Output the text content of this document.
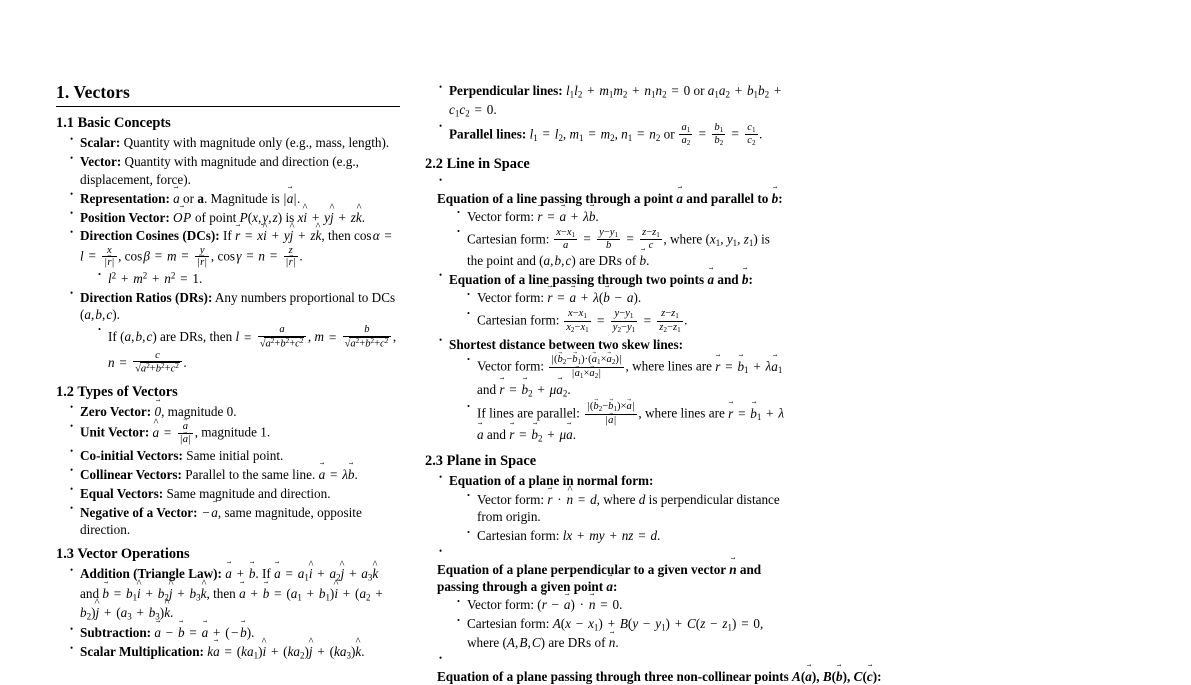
1. Vectors
1.1 Basic Concepts
• Scalar: Quantity with magnitude only (e.g., mass, length).
• Vector: Quantity with magnitude and direction (e.g., displacement, force).
• Representation: a → or a. Magnitude is |a →|.
• Position Vector: OP → of point P(x, y, z) is xi ^ + yj ^ + zk ^.
• Direction Cosines (DCs): If r → = xi ^ + yj ^ + zk ^, then cos $\alpha = l = \frac{x}{|r \to|}$ , cos $\beta = m = \frac{y}{|r \to|}$ , cos $\gamma = n = \frac{z}{|r \to|}$ .
• $l^2 + m^2 + n^2 = 1$.
• Direction Ratios (DRs): Any numbers proportional to DCs (a, b, c).
• If (a, b, c) are DRs, then $l = \frac{a}{√a^2+b^2+c^2}$ , $m = \frac{b}{√a^2+b^2+c^2}$ , $n = \frac{c}{√a^2+b^2+c^2}$ .
1.2 Types of Vectors
• Zero Vector: 0 →, magnitude 0.
• Unit Vector: a ^ = $\frac{a \to}{|a \to|}$ , magnitude 1.
• Co-initial Vectors: Same initial point.
• Collinear Vectors: Parallel to the same line. a → = λb →.
• Equal Vectors: Same magnitude and direction.
• Negative of a Vector: − a →, same magnitude, opposite direction.
1.3 Vector Operations
• Addition (Triangle Law): a → + b →. If a → = $a_1i$ ^ + $a_2j$ ^ + $a_3k$ ^ and b → = $b_1i$ ^ + $b_2j$ ^ + $b_3k$ ^, then a → + b → = $(a_1 + b_1)i$ ^ + $(a_2 + b_2)j$ ^ + $(a_3 + b_3)k$ ^.
• Subtraction: a → − b → = a → + ( − b →).
• Scalar Multiplication: ka → = $(ka_1)i$ ^ + $(ka_2)j$ ^ + $(ka_3)k$ ^.
• Perpendicular lines: $l_1l_2 + m_1m_2 + n_1n_2 = 0$ or $a_1a_2 + b_1b_2 + c_1c_2 = 0$.
• Parallel lines: $l_1 = l_2$, $m_1 = m_2$, $n_1 = n_2$ or $\frac{a_1}{a_2} = \frac{b_1}{b_2} = \frac{c_1}{c_2}$ .
2.2 Line in Space
•
Equation of a line passing through a point a → and parallel to b →:
• Vector form: r → = a → + λb →.
• Cartesian form: $\frac{x-x_1}{a} = \frac{y-y_1}{b} = \frac{z-z_1}{c}$ , where ($x_1$, $y_1$, $z_1$) is the point and (a, b, c) are DRs of b →.
• Equation of a line passing through two points a → and b →:
• Vector form: r → = a → + λ(b → − a →).
• Cartesian form: $\frac{x-x_1}{x_2-x_1} = \frac{y-y_1}{y_2-y_1} = \frac{z-z_1}{z_2-z_1}$ .
• Shortest distance between two skew lines:
• Vector form: $\frac{|(b \to_2-b \to_1)\cdot(a \to_1\times a \to_2)|}{|a \to_1\times a \to_2|}$ , where lines are r → = $b \to_1 + \lambda a \to_1$ and r → = $b \to_2 + \mu a \to_2$.
• If lines are parallel: $\frac{|(b \to_2-b \to_1)\times a \to|}{|a \to|}$ , where lines are r → = $b \to_1 + \lambda a$ → and r → = $b \to_2 + \mu a$ →.
2.3 Plane in Space
• Equation of a plane in normal form:
• Vector form: r → · n ^ = d, where d is perpendicular distance from origin.
• Cartesian form: lx + my + nz = d.
•
Equation of a plane perpendicular to a given vector n → and passing through a given point a →:
• Vector form: (r → − a →) · n → = 0.
• Cartesian form: $A(x - x_1) + B(y - y_1) + C(z - z_1) = 0$, where (A, B, C) are DRs of n →.
•
Equation of a plane passing through three non-collinear points A(a →), B(b →), C(c →):
